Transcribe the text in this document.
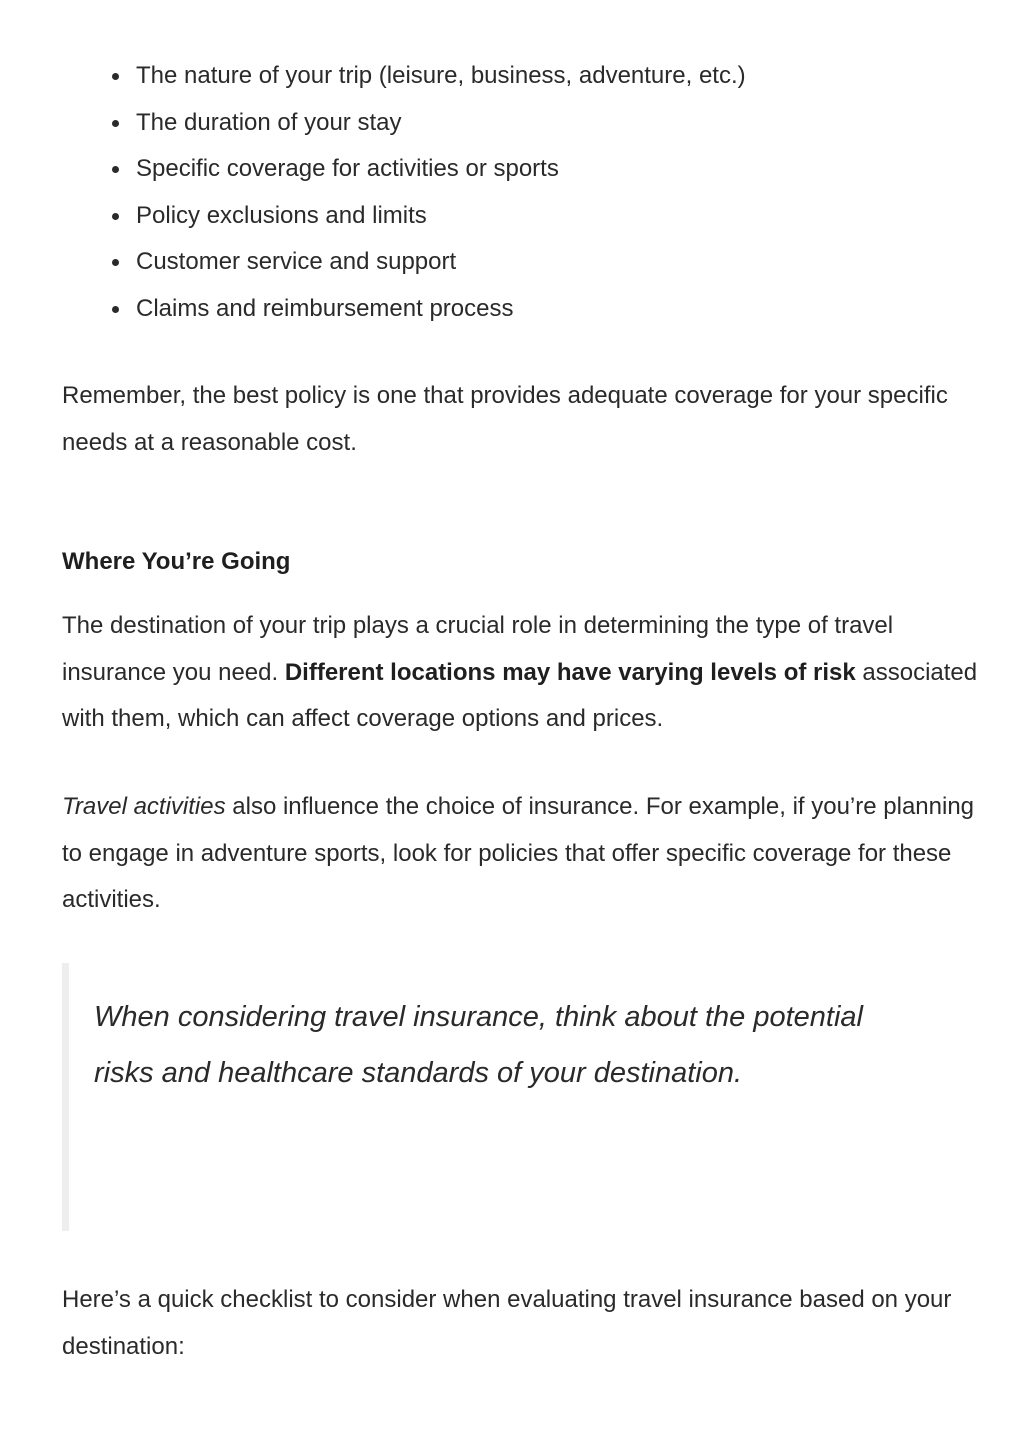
The nature of your trip (leisure, business, adventure, etc.)
The duration of your stay
Specific coverage for activities or sports
Policy exclusions and limits
Customer service and support
Claims and reimbursement process

Remember, the best policy is one that provides adequate coverage for your specific needs at a reasonable cost.

Where You’re Going

The destination of your trip plays a crucial role in determining the type of travel insurance you need. Different locations may have varying levels of risk associated with them, which can affect coverage options and prices.

Travel activities also influence the choice of insurance. For example, if you’re planning to engage in adventure sports, look for policies that offer specific coverage for these activities.

When considering travel insurance, think about the potential risks and healthcare standards of your destination.

Here’s a quick checklist to consider when evaluating travel insurance based on your destination:
